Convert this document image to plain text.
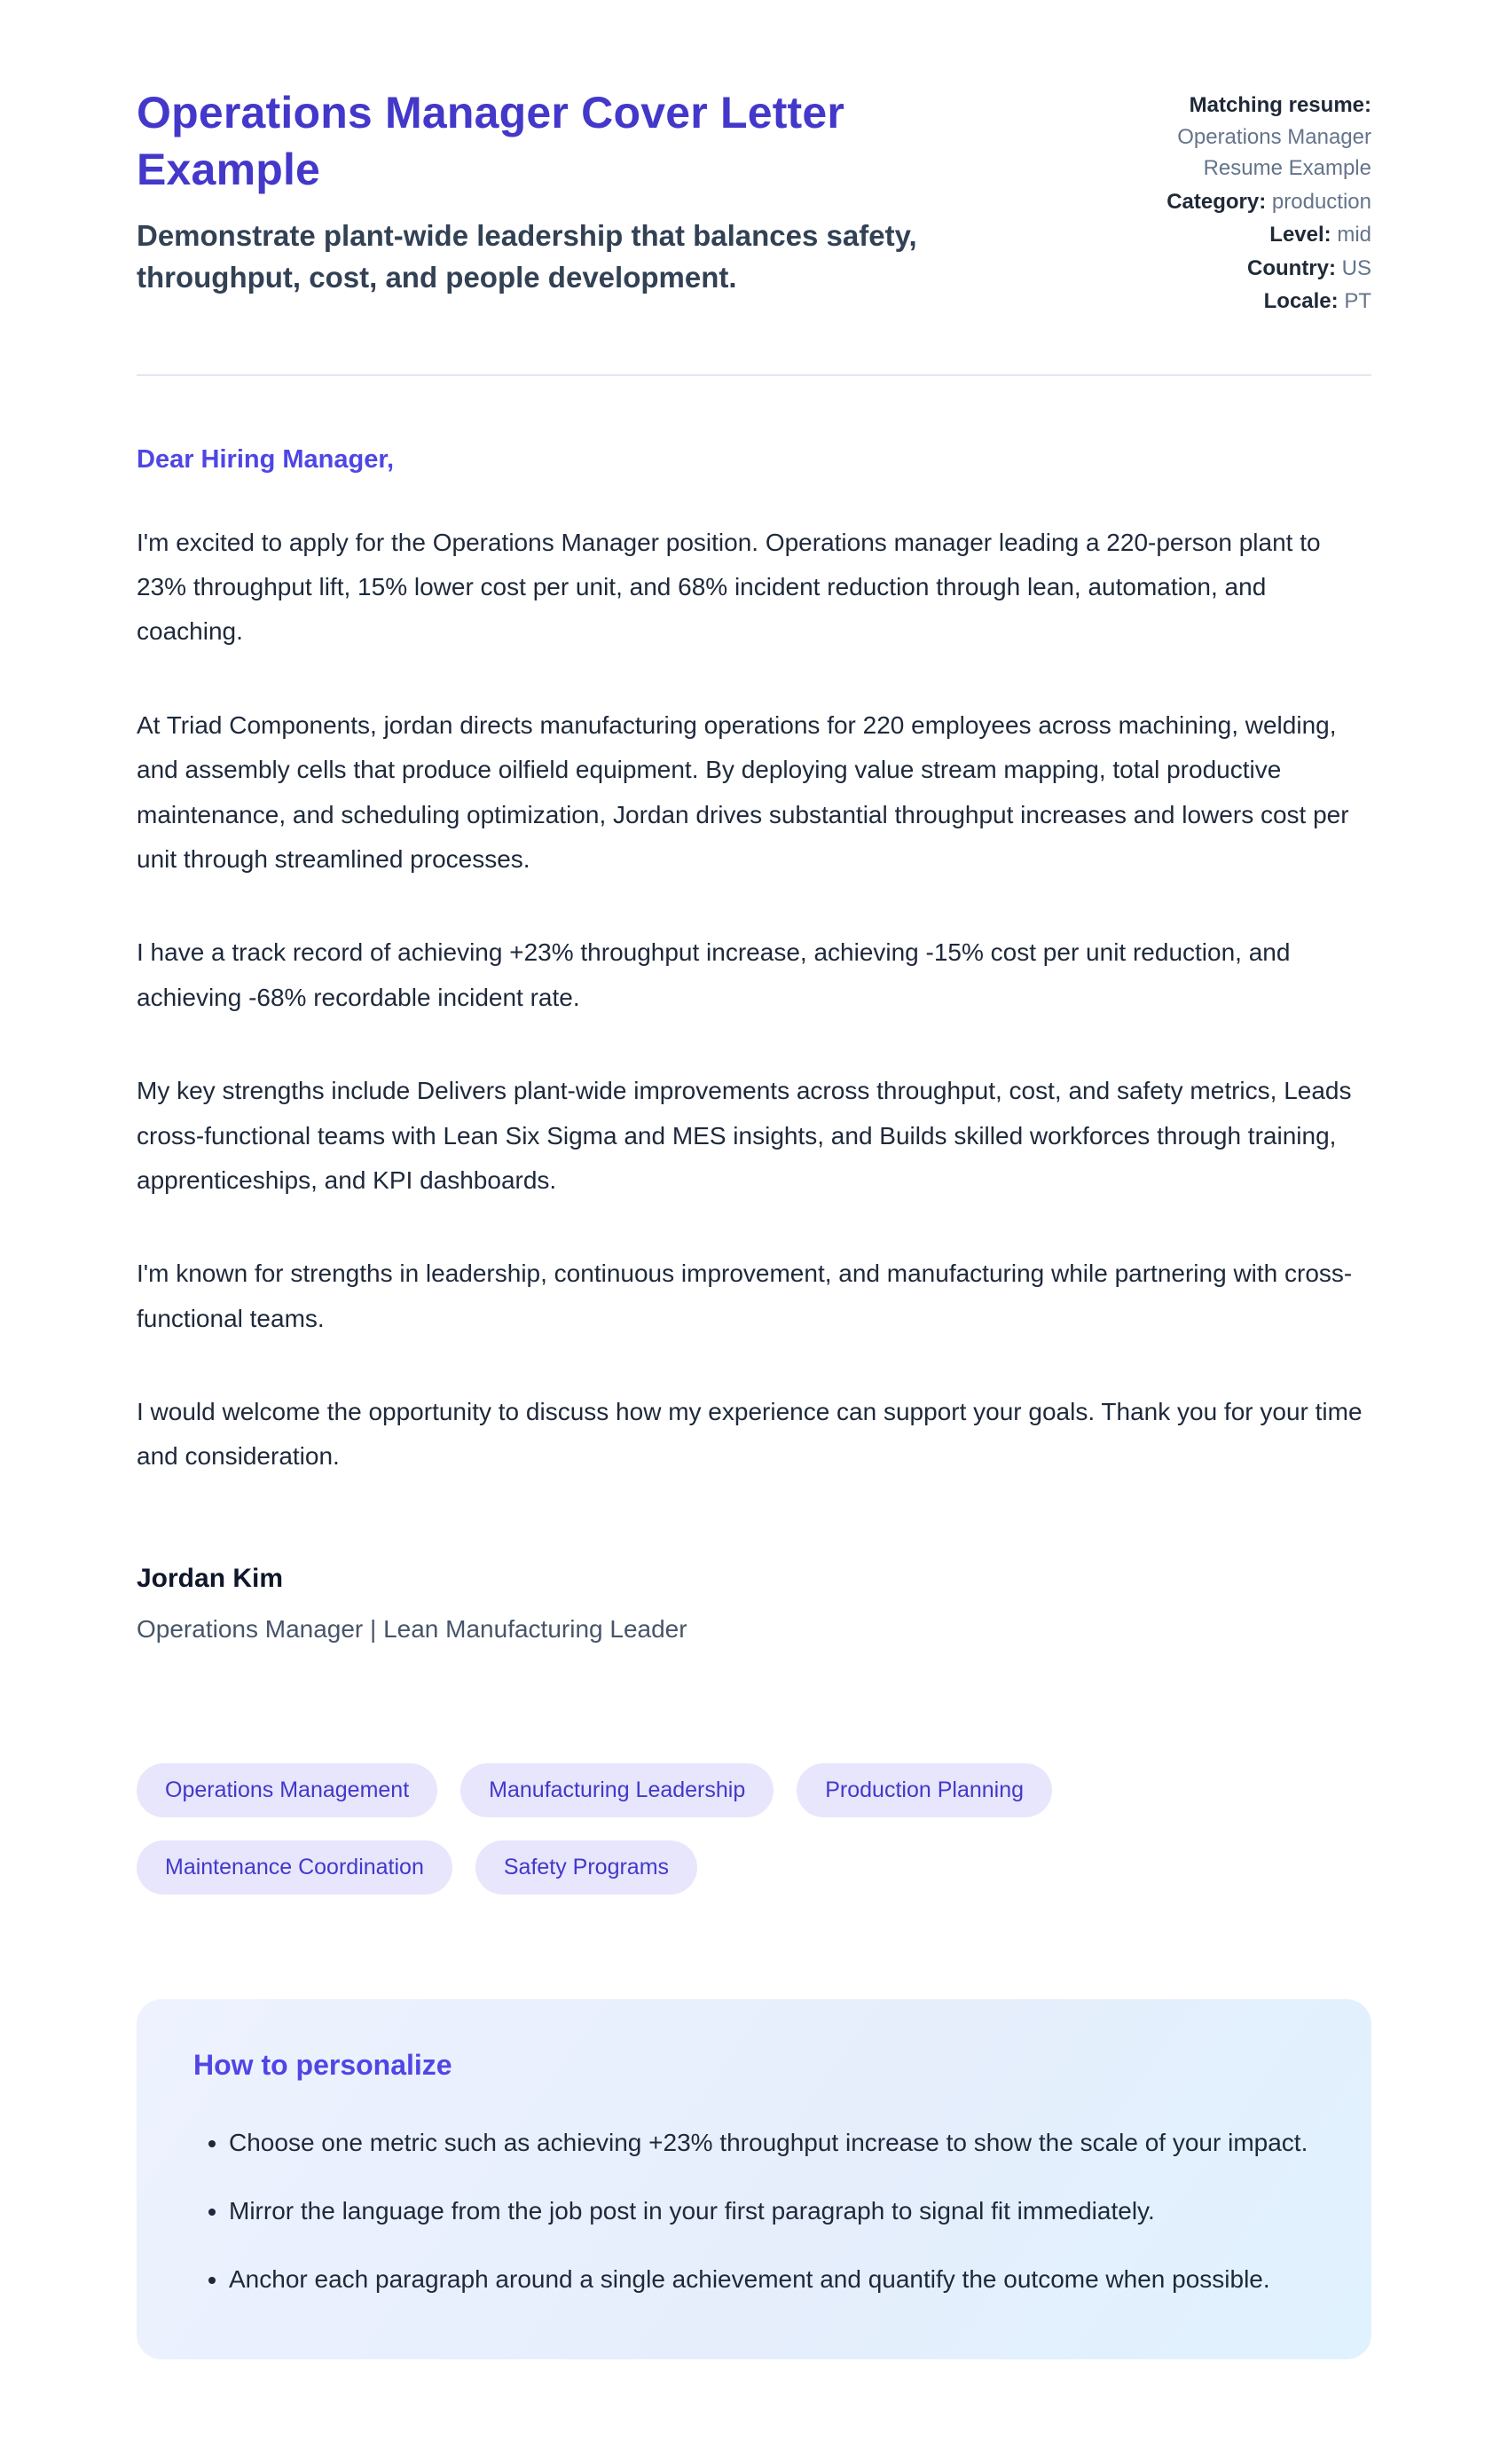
Operations Manager Cover Letter Example
Demonstrate plant-wide leadership that balances safety, throughput, cost, and people development.
Matching resume:
Operations Manager Resume Example
Category: production
Level: mid
Country: US
Locale: PT

Dear Hiring Manager,

I'm excited to apply for the Operations Manager position. Operations manager leading a 220-person plant to 23% throughput lift, 15% lower cost per unit, and 68% incident reduction through lean, automation, and coaching.

At Triad Components, jordan directs manufacturing operations for 220 employees across machining, welding, and assembly cells that produce oilfield equipment. By deploying value stream mapping, total productive maintenance, and scheduling optimization, Jordan drives substantial throughput increases and lowers cost per unit through streamlined processes.

I have a track record of achieving +23% throughput increase, achieving -15% cost per unit reduction, and achieving -68% recordable incident rate.

My key strengths include Delivers plant-wide improvements across throughput, cost, and safety metrics, Leads cross-functional teams with Lean Six Sigma and MES insights, and Builds skilled workforces through training, apprenticeships, and KPI dashboards.

I'm known for strengths in leadership, continuous improvement, and manufacturing while partnering with cross-functional teams.

I would welcome the opportunity to discuss how my experience can support your goals. Thank you for your time and consideration.

Jordan Kim
Operations Manager | Lean Manufacturing Leader
Operations Management	Manufacturing Leadership	Production Planning
Maintenance Coordination	Safety Programs
How to personalize
• Choose one metric such as achieving +23% throughput increase to show the scale of your impact.
• Mirror the language from the job post in your first paragraph to signal fit immediately.
• Anchor each paragraph around a single achievement and quantify the outcome when possible.
